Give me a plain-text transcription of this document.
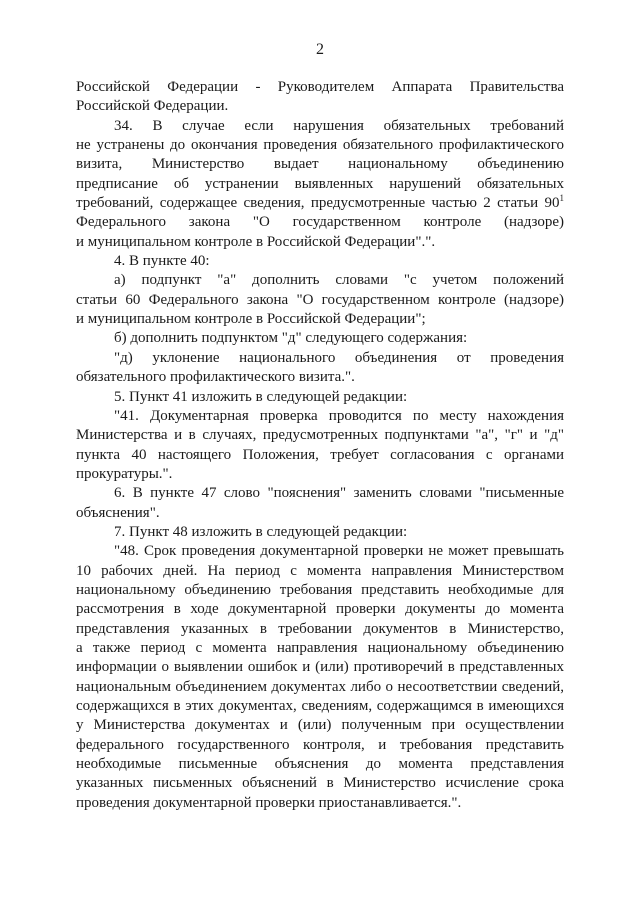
2
Российской Федерации - Руководителем Аппарата Правительства
Российской Федерации.
34. В случае если нарушения обязательных требований
не устранены до окончания проведения обязательного профилактического
визита, Министерство выдает национальному объединению
предписание об устранении выявленных нарушений обязательных
требований, содержащее сведения, предусмотренные частью 2 статьи 90$^1$
Федерального закона "О государственном контроле (надзоре)
и муниципальном контроле в Российской Федерации".".
4. В пункте 40:
а) подпункт "а" дополнить словами "с учетом положений
статьи 60 Федерального закона "О государственном контроле (надзоре)
и муниципальном контроле в Российской Федерации";
б) дополнить подпунктом "д" следующего содержания:
"д) уклонение национального объединения от проведения
обязательного профилактического визита.".
5. Пункт 41 изложить в следующей редакции:
"41. Документарная проверка проводится по месту нахождения
Министерства и в случаях, предусмотренных подпунктами "а", "г" и "д"
пункта 40 настоящего Положения, требует согласования с органами
прокуратуры.".
6. В пункте 47 слово "пояснения" заменить словами "письменные
объяснения".
7. Пункт 48 изложить в следующей редакции:
"48. Срок проведения документарной проверки не может превышать
10 рабочих дней. На период с момента направления Министерством
национальному объединению требования представить необходимые для
рассмотрения в ходе документарной проверки документы до момента
представления указанных в требовании документов в Министерство,
а также период с момента направления национальному объединению
информации о выявлении ошибок и (или) противоречий в представленных
национальным объединением документах либо о несоответствии сведений,
содержащихся в этих документах, сведениям, содержащимся в имеющихся
у Министерства документах и (или) полученным при осуществлении
федерального государственного контроля, и требования представить
необходимые письменные объяснения до момента представления
указанных письменных объяснений в Министерство исчисление срока
проведения документарной проверки приостанавливается.".
